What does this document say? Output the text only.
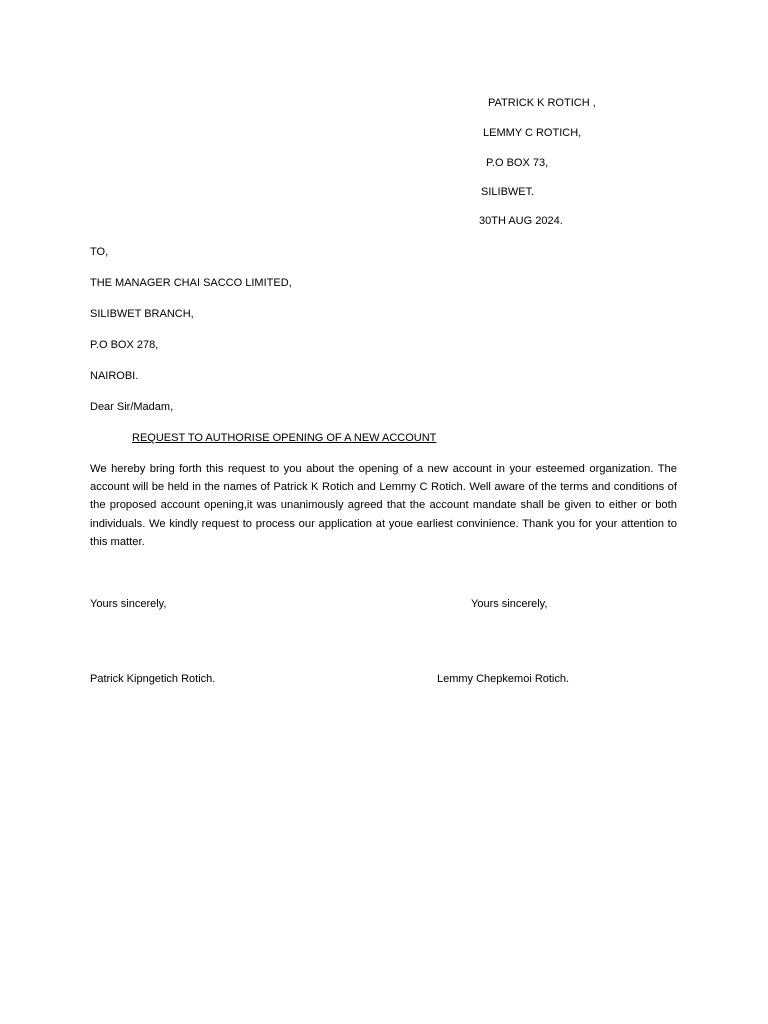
PATRICK K ROTICH ,
LEMMY C ROTICH,
P.O BOX 73,
SILIBWET.
30TH AUG 2024.
TO,
THE MANAGER CHAI SACCO LIMITED,
SILIBWET BRANCH,
P.O BOX 278,
NAIROBI.
Dear Sir/Madam,
REQUEST TO AUTHORISE OPENING OF A NEW ACCOUNT
We hereby bring forth this request to you about the opening of a new account in your esteemed organization. The account will be held in the names of Patrick K Rotich and Lemmy C Rotich. Well aware of the terms and conditions of the proposed account opening,it was unanimously agreed that the account mandate shall be given to either or both individuals. We kindly request to process our application at youe earliest convinience. Thank you for your attention to this matter.
Yours sincerely,	Yours sincerely,
Patrick Kipngetich Rotich.	Lemmy Chepkemoi Rotich.
